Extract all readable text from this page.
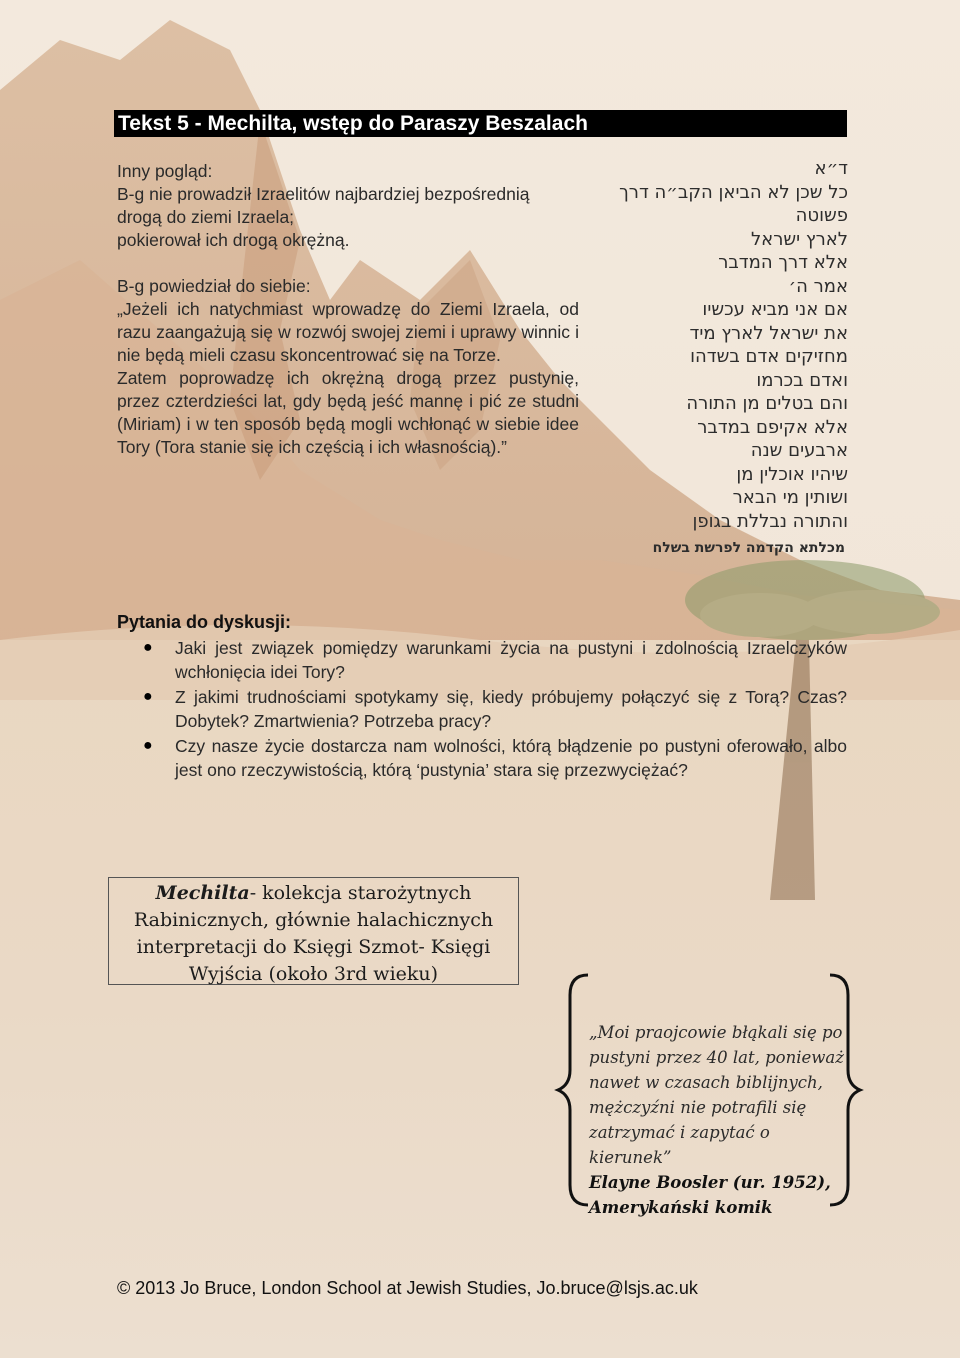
Tekst 5 - Mechilta, wstęp do Paraszy Beszalach

Inny pogląd:

B-g nie prowadził Izraelitów najbardziej bezpośrednią

drogą do ziemi Izraela;

pokierował ich drogą okrężną.

B-g powiedział do siebie:

„Jeżeli ich natychmiast wprowadzę do Ziemi Izraela, od razu zaangażują się w rozwój swojej ziemi i uprawy winnic i nie będą mieli czasu skoncentrować się na Torze.

Zatem poprowadzę ich okrężną drogą przez pustynię, przez czterdzieści lat, gdy będą jeść mannę i pić ze studni (Miriam) i w ten sposób będą mogli wchłonąć w siebie idee Tory (Tora stanie się ich częścią i ich własnością).”

ד״א
כל שכן לא הביאן הקב״ה דרך
פשוטה
לארץ ישראל
אלא דרך המדבר
אמר ה׳
אם אני מביא עכשיו
את ישראל לארץ מיד
מחזיקים אדם בשדהו
ואדם בכרמו
והם בטלים מן התורה
אלא אקיפם במדבר
ארבעים שנה
שיהיו אוכלין מן
ושותין מי הבאר
והתורה נבללת בגופן
מכלתא הקדמה לפרשת בשלח
Pytania do dyskusji:
● Jaki jest związek pomiędzy warunkami życia na pustyni i zdolnością Izraelczyków wchłonięcia idei Tory?
● Z jakimi trudnościami spotykamy się, kiedy próbujemy połączyć się z Torą? Czas? Dobytek? Zmartwienia? Potrzeba pracy?
● Czy nasze życie dostarcza nam wolności, którą błądzenie po pustyni oferowało, albo jest ono rzeczywistością, którą ‘pustynia’ stara się przezwyciężać?
Mechilta- kolekcja starożytnych Rabinicznych, głównie halachicznych interpretacji do Księgi Szmot- Księgi Wyjścia (około 3rd wieku)
„Moi praojcowie błąkali się po pustyni przez 40 lat, ponieważ nawet w czasach biblijnych, mężczyźni nie potrafili się zatrzymać i zapytać o kierunek”
Elayne Boosler (ur. 1952), Amerykański komik
© 2013 Jo Bruce, London School at Jewish Studies, Jo.bruce@lsjs.ac.uk
